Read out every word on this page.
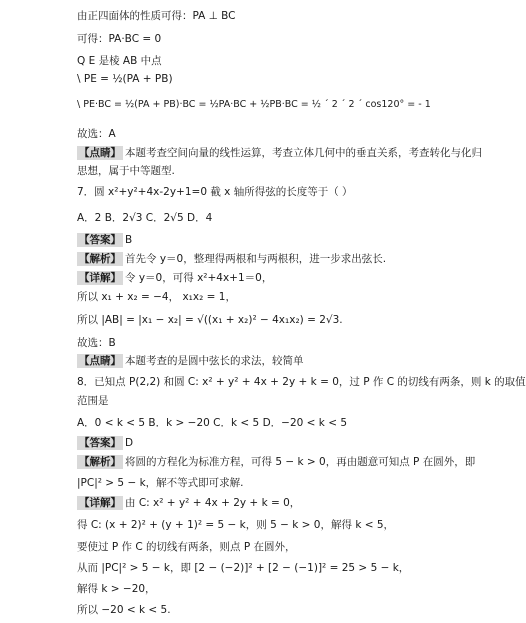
由正四面体的性质可得：PA ⊥ BC
可得：PA·BC = 0
Q E 是棱 AB 中点
\ PE = ½(PA + PB)
\ PE·BC = ½(PA + PB)·BC = ½PA·BC + ½PB·BC = ½ ´ 2 ´ 2 ´ cos120° = - 1
故选：A
【点睛】 本题考查空间向量的线性运算，考查立体几何中的垂直关系，考查转化与化归
思想，属于中等题型.
7．圆 x²+y²+4x-2y+1=0 截 x 轴所得弦的长度等于（ ）
A．2 B．2√3 C．2√5 D．4
【答案】 B
【解析】 首先令 y＝0，整理得两根和与两根积，进一步求出弦长.
【详解】 令 y＝0，可得 x²+4x+1＝0，
所以 x₁ + x₂ = −4， x₁x₂ = 1，
所以 |AB| = |x₁ − x₂| = √((x₁ + x₂)² − 4x₁x₂) = 2√3.
故选：B
【点睛】 本题考查的是圆中弦长的求法，较简单
8．已知点 P(2,2) 和圆 C: x² + y² + 4x + 2y + k = 0，过 P 作 C 的切线有两条，则 k 的取值
范围是
A．0 < k < 5 B．k > −20 C．k < 5 D．−20 < k < 5
【答案】 D
【解析】 将圆的方程化为标准方程，可得 5 − k > 0，再由题意可知点 P 在圆外，即
|PC|² > 5 − k，解不等式即可求解.
【详解】 由 C: x² + y² + 4x + 2y + k = 0，
得 C: (x + 2)² + (y + 1)² = 5 − k，则 5 − k > 0，解得 k < 5，
要使过 P 作 C 的切线有两条，则点 P 在圆外，
从而 |PC|² > 5 − k，即 [2 − (−2)]² + [2 − (−1)]² = 25 > 5 − k，
解得 k > −20，
所以 −20 < k < 5.
